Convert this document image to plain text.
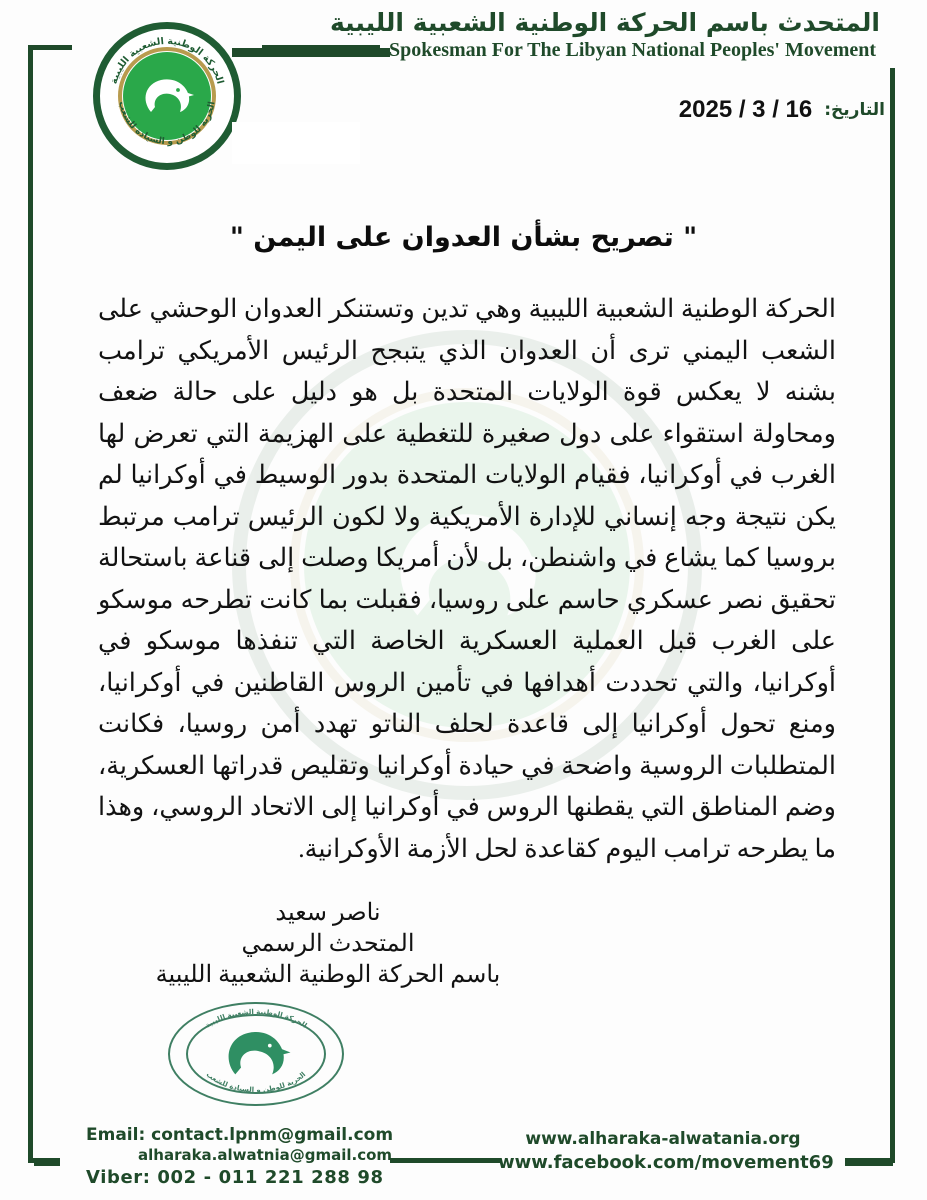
الحركة الوطنية الشعبية الليبية
الحرية للوطن و السيادة للشعب
المتحدث باسم الحركة الوطنية الشعبية الليبية
Spokesman For The Libyan National Peoples' Movement
التاريخ:
2025 / 3 / 16
" تصريح بشأن العدوان على اليمن "

الحركة الوطنية الشعبية الليبية وهي تدين وتستنكر العدوان الوحشي على الشعب اليمني ترى أن العدوان الذي يتبجح الرئيس الأمريكي ترامب بشنه لا يعكس قوة الولايات المتحدة بل هو دليل على حالة ضعف ومحاولة استقواء على دول صغيرة للتغطية على الهزيمة التي تعرض لها الغرب في أوكرانيا، فقيام الولايات المتحدة بدور الوسيط في أوكرانيا لم يكن نتيجة وجه إنساني للإدارة الأمريكية ولا لكون الرئيس ترامب مرتبط بروسيا كما يشاع في واشنطن، بل لأن أمريكا وصلت إلى قناعة باستحالة تحقيق نصر عسكري حاسم على روسيا، فقبلت بما كانت تطرحه موسكو على الغرب قبل العملية العسكرية الخاصة التي تنفذها موسكو في أوكرانيا، والتي تحددت أهدافها في تأمين الروس القاطنين في أوكرانيا، ومنع تحول أوكرانيا إلى قاعدة لحلف الناتو تهدد أمن روسيا، فكانت المتطلبات الروسية واضحة في حيادة أوكرانيا وتقليص قدراتها العسكرية، وضم المناطق التي يقطنها الروس في أوكرانيا إلى الاتحاد الروسي، وهذا ما يطرحه ترامب اليوم كقاعدة لحل الأزمة الأوكرانية.

ناصر سعيد
المتحدث الرسمي
باسم الحركة الوطنية الشعبية الليبية
الحركة الوطنية الشعبية الليبية
الحرية للوطن و السيادة للشعب
Email: contact.lpnm@gmail.com
alharaka.alwatnia@gmail.com
Viber: 002 - 011 221 288 98
www.alharaka-alwatania.org
www.facebook.com/movement69
